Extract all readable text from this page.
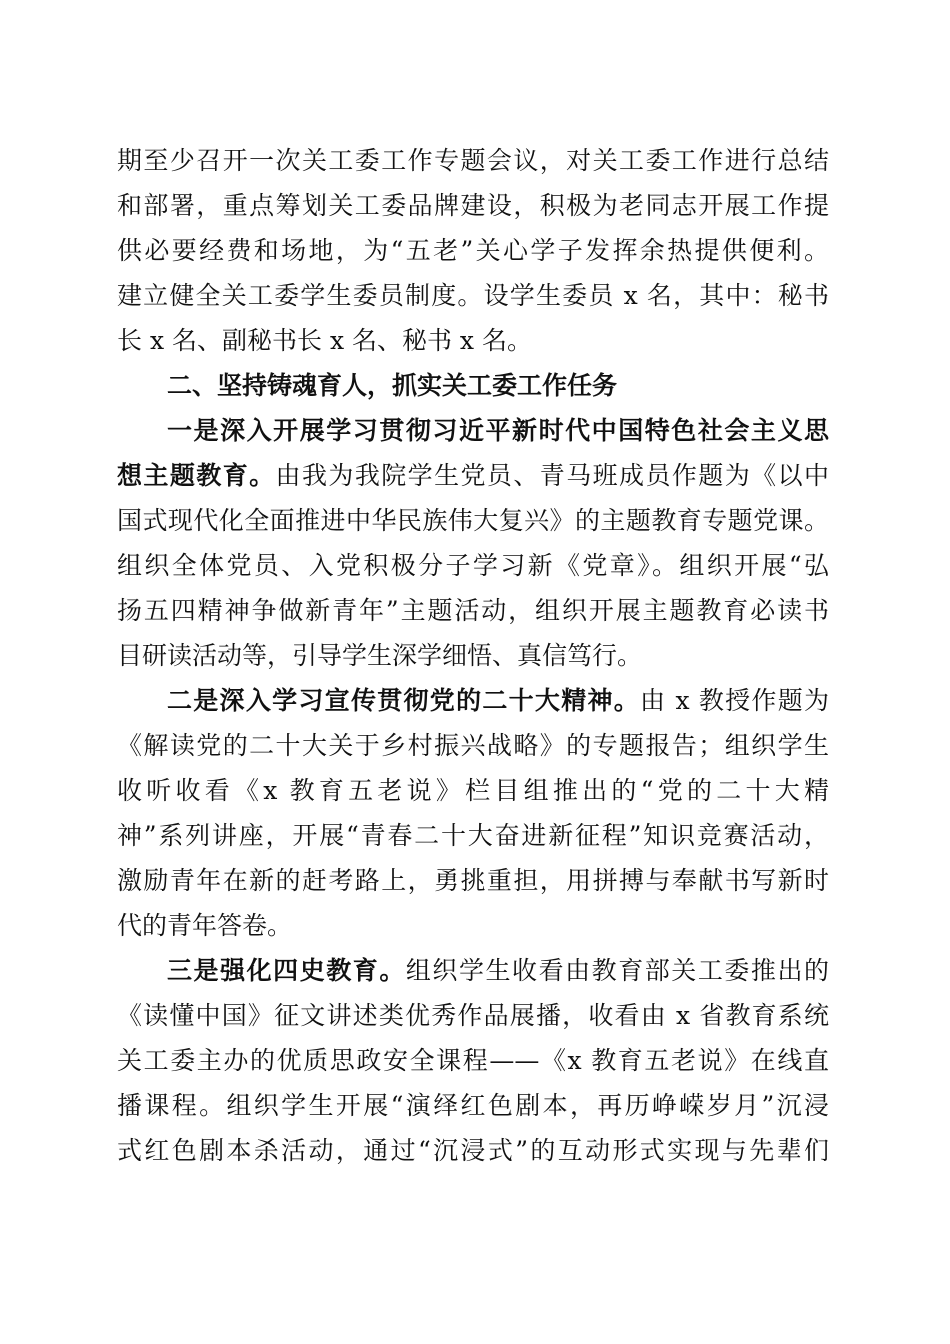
期至少召开一次关工委工作专题会议，对关工委工作进行总结
和部署，重点筹划关工委品牌建设，积极为老同志开展工作提
供必要经费和场地，为“五老”关心学子发挥余热提供便利。
建立健全关工委学生委员制度。设学生委员 x 名，其中：秘书
长 x 名、副秘书长 x 名、秘书 x 名。
二、坚持铸魂育人，抓实关工委工作任务
一是深入开展学习贯彻习近平新时代中国特色社会主义思
想主题教育。由我为我院学生党员、青马班成员作题为《以中
国式现代化全面推进中华民族伟大复兴》的主题教育专题党课。
组织全体党员、入党积极分子学习新《党章》。组织开展“弘
扬五四精神争做新青年”主题活动，组织开展主题教育必读书
目研读活动等，引导学生深学细悟、真信笃行。
二是深入学习宣传贯彻党的二十大精神。由 x 教授作题为
《解读党的二十大关于乡村振兴战略》的专题报告；组织学生
收听收看《x 教育五老说》栏目组推出的“党的二十大精
神”系列讲座，开展“青春二十大奋进新征程”知识竞赛活动，
激励青年在新的赶考路上，勇挑重担，用拼搏与奉献书写新时
代的青年答卷。
三是强化四史教育。组织学生收看由教育部关工委推出的
《读懂中国》征文讲述类优秀作品展播，收看由 x 省教育系统
关工委主办的优质思政安全课程——《x 教育五老说》在线直
播课程。组织学生开展“演绎红色剧本，再历峥嵘岁月”沉浸
式红色剧本杀活动，通过“沉浸式”的互动形式实现与先辈们
